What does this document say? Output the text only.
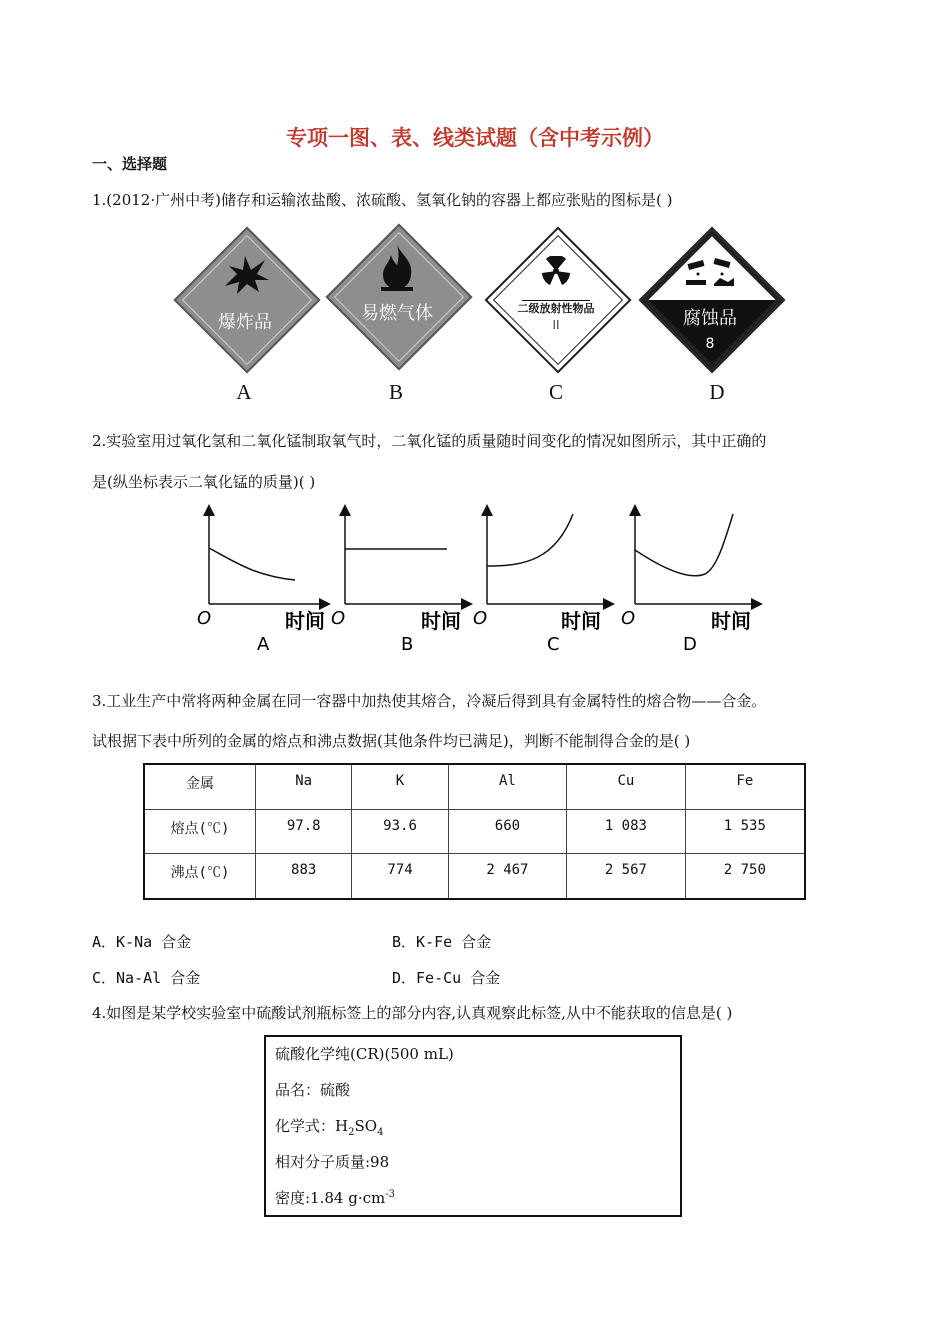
专项一图、表、线类试题（含中考示例）
一、选择题
1.(2012·广州中考)储存和运输浓盐酸、浓硫酸、氢氧化钠的容器上都应张贴的图标是( )
爆炸品	易燃气体	二级放射性物品
II	腐蚀品
8
A	B	C	D
2.实验室用过氧化氢和二氧化锰制取氧气时，二氧化锰的质量随时间变化的情况如图所示，其中正确的
是(纵坐标表示二氧化锰的质量)( )
O	时间
A
O	时间
B
O	时间
C
O	时间
D
3.工业生产中常将两种金属在同一容器中加热使其熔合，冷凝后得到具有金属特性的熔合物——合金。
试根据下表中所列的金属的熔点和沸点数据(其他条件均已满足)，判断不能制得合金的是( )
金属	Na	K	Al	Cu	Fe
熔点(℃)	97.8	93.6	660	1 083	1 535
沸点(℃)	883	774	2 467	2 567	2 750
A．K-Na 合金	B．K-Fe 合金
C．Na-Al 合金	D．Fe-Cu 合金
4.如图是某学校实验室中硫酸试剂瓶标签上的部分内容,认真观察此标签,从中不能获取的信息是( )
硫酸化学纯(CR)(500 mL)
品名：硫酸
化学式：$H_2SO_4$
相对分子质量:98
密度:1.84 $g\cdot cm^{-3}$
